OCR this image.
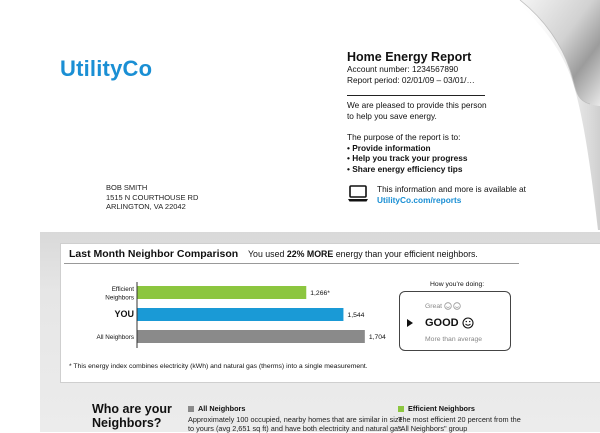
UtilityCo	Home Energy Report
Account number: 1234567890
Report period: 02/01/09 – 03/01/…
We are pleased to provide this person
to help you save energy.
The purpose of the report is to:
• Provide information
• Help you track your progress
• Share energy efficiency tips
This information and more is available at
UtilityCo.com/reports
BOB SMITH
1515 N COURTHOUSE RD
ARLINGTON, VA 22042
Last Month Neighbor Comparison You used 22% MORE energy than your efficient neighbors.
Efficient
Neighbors
1,266*
YOU	1,544
All Neighbors	1,704
* This energy index combines electricity (kWh) and natural gas (therms) into a single measurement.
How you're doing:
Great
GOOD
More than average
Who are your
Neighbors?
All Neighbors
Approximately 100 occupied, nearby homes that are similar in size
to yours (avg 2,651 sq ft) and have both electricity and natural gas
Efficient Neighbors
The most efficient 20 percent from the
"All Neighbors" group
